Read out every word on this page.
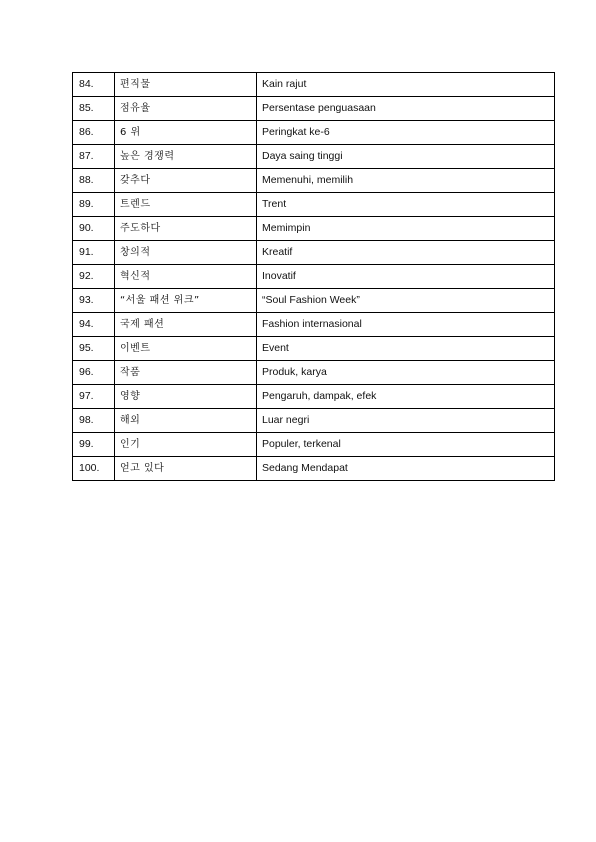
84.	편직물	Kain rajut
85.	점유율	Persentase penguasaan
86.	6 위	Peringkat ke-6
87.	높은 경쟁력	Daya saing tinggi
88.	갖추다	Memenuhi, memilih
89.	트렌드	Trent
90.	주도하다	Memimpin
91.	창의적	Kreatif
92.	혁신적	Inovatif
93.	“서울 패션 위크”	“Soul Fashion Week”
94.	국제 패션	Fashion internasional
95.	이벤트	Event
96.	작품	Produk, karya
97.	영향	Pengaruh, dampak, efek
98.	해외	Luar negri
99.	인기	Populer, terkenal
100.	얻고 있다	Sedang Mendapat
